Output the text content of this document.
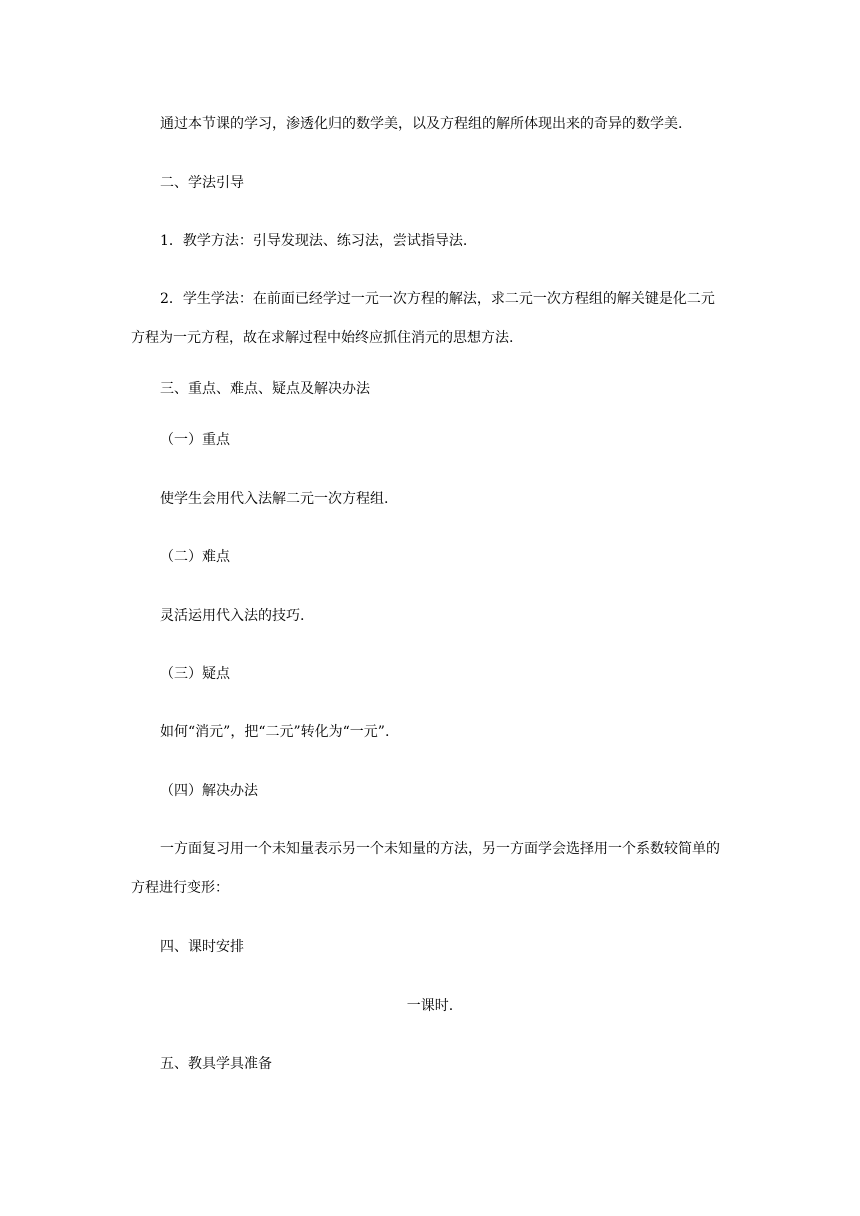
通过本节课的学习，渗透化归的数学美，以及方程组的解所体现出来的奇异的数学美.
二、学法引导
1．教学方法：引导发现法、练习法，尝试指导法.
2．学生学法：在前面已经学过一元一次方程的解法，求二元一次方程组的解关键是化二元
方程为一元方程，故在求解过程中始终应抓住消元的思想方法.
三、重点、难点、疑点及解决办法
（一）重点
使学生会用代入法解二元一次方程组.
（二）难点
灵活运用代入法的技巧.
（三）疑点
如何“消元”，把“二元”转化为“一元”.
（四）解决办法
一方面复习用一个未知量表示另一个未知量的方法，另一方面学会选择用一个系数较简单的
方程进行变形：
四、课时安排
一课时.
五、教具学具准备
